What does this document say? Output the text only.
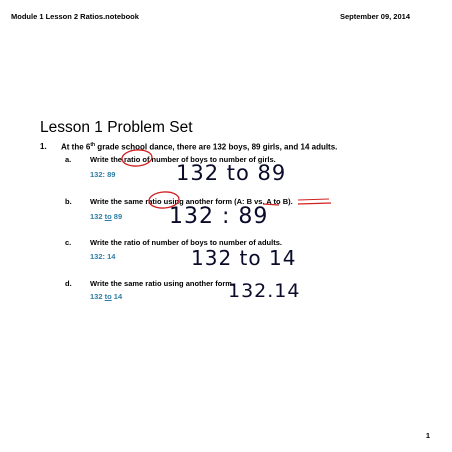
Module 1 Lesson 2 Ratios.notebook	September 09, 2014
Lesson 1 Problem Set
1. At the 6th grade school dance, there are 132 boys, 89 girls, and 14 adults.
a. Write the ratio of number of boys to number of girls.
132: 89	132 to 89
b. Write the same ratio using another form (A: B vs. A to B).
132 to 89 132 : 89
c. Write the ratio of number of boys to number of adults.
132: 14	132 to 14
d. Write the same ratio using another form.
132 to 14	132.14
1
